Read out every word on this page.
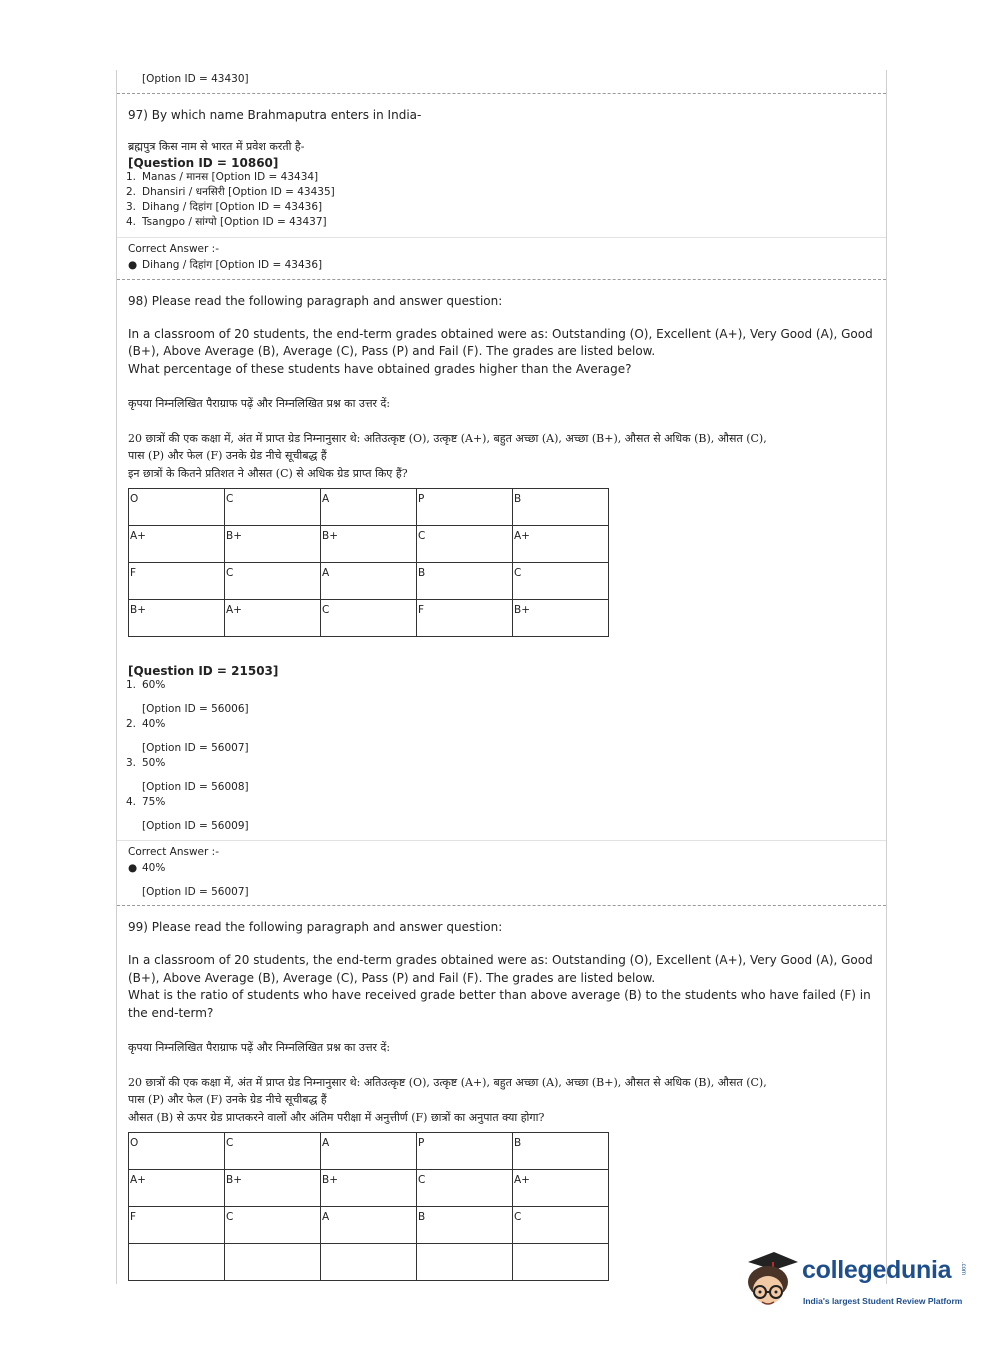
[Option ID = 43430]
97) By which name Brahmaputra enters in India-
ब्रह्मपुत्र किस नाम से भारत में प्रवेश करती है-
[Question ID = 10860]
1. Manas / मानस [Option ID = 43434]
2. Dhansiri / धनसिरी [Option ID = 43435]
3. Dihang / दिहांग [Option ID = 43436]
4. Tsangpo / सांग्पो [Option ID = 43437]
Correct Answer :-
● Dihang / दिहांग [Option ID = 43436]
98) Please read the following paragraph and answer question:
In a classroom of 20 students, the end-term grades obtained were as: Outstanding (O), Excellent (A+), Very Good (A), Good
(B+), Above Average (B), Average (C), Pass (P) and Fail (F). The grades are listed below.
What percentage of these students have obtained grades higher than the Average?
कृपया निम्नलिखित पैराग्राफ पढ़ें और निम्नलिखित प्रश्न का उत्तर दें:
20 छात्रों की एक कक्षा में, अंत में प्राप्त ग्रेड निम्नानुसार थे: अतिउत्कृष्ट (O), उत्कृष्ट (A+), बहुत अच्छा (A), अच्छा (B+), औसत से अधिक (B), औसत (C),
पास (P) और फेल (F) उनके ग्रेड नीचे सूचीबद्ध हैं
इन छात्रों के कितने प्रतिशत ने औसत (C) से अधिक ग्रेड प्राप्त किए हैं?
O	C	A	P	B
A+	B+	B+	C	A+
F	C	A	B	C
B+	A+	C	F	B+
[Question ID = 21503]
1. 60%
[Option ID = 56006]
2. 40%
[Option ID = 56007]
3. 50%
[Option ID = 56008]
4. 75%
[Option ID = 56009]
Correct Answer :-
● 40%
[Option ID = 56007]
99) Please read the following paragraph and answer question:
In a classroom of 20 students, the end-term grades obtained were as: Outstanding (O), Excellent (A+), Very Good (A), Good
(B+), Above Average (B), Average (C), Pass (P) and Fail (F). The grades are listed below.
What is the ratio of students who have received grade better than above average (B) to the students who have failed (F) in
the end-term?
कृपया निम्नलिखित पैराग्राफ पढ़ें और निम्नलिखित प्रश्न का उत्तर दें:
20 छात्रों की एक कक्षा में, अंत में प्राप्त ग्रेड निम्नानुसार थे: अतिउत्कृष्ट (O), उत्कृष्ट (A+), बहुत अच्छा (A), अच्छा (B+), औसत से अधिक (B), औसत (C),
पास (P) और फेल (F) उनके ग्रेड नीचे सूचीबद्ध हैं
औसत (B) से ऊपर ग्रेड प्राप्तकरने वालों और अंतिम परीक्षा में अनुत्तीर्ण (F) छात्रों का अनुपात क्या होगा?
O	C	A	P	B
A+	B+	B+	C	A+
F	C	A	B	C

collegedunia .com
India's largest Student Review Platform
